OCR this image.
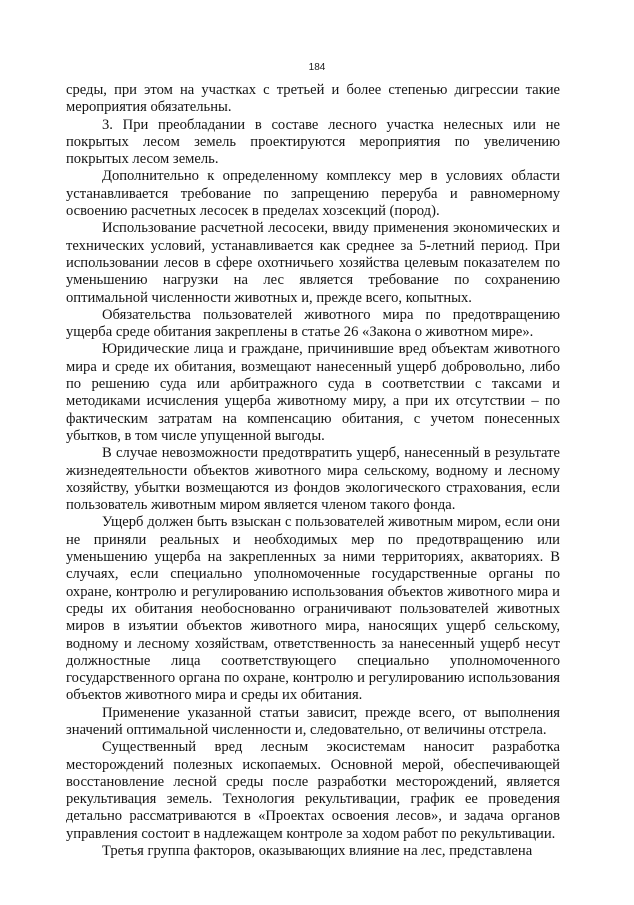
184

среды, при этом на участках с третьей и более степенью дигрессии такие мероприятия обязательны.

3. При преобладании в составе лесного участка нелесных или не покрытых лесом земель проектируются мероприятия по увеличению покрытых лесом земель.

Дополнительно к определенному комплексу мер в условиях области устанавливается требование по запрещению переруба и равномерному освоению расчетных лесосек в пределах хозсекций (пород).

Использование расчетной лесосеки, ввиду применения экономических и технических условий, устанавливается как среднее за 5-летний период. При использовании лесов в сфере охотничьего хозяйства целевым показателем по уменьшению нагрузки на лес является требование по сохранению оптимальной численности животных и, прежде всего, копытных.

Обязательства пользователей животного мира по предотвращению ущерба среде обитания закреплены в статье 26 «Закона о животном мире».

Юридические лица и граждане, причинившие вред объектам животного мира и среде их обитания, возмещают нанесенный ущерб добровольно, либо по решению суда или арбитражного суда в соответствии с таксами и методиками исчисления ущерба животному миру, а при их отсутствии – по фактическим затратам на компенсацию обитания, с учетом понесенных убытков, в том числе упущенной выгоды.

В случае невозможности предотвратить ущерб, нанесенный в результате жизнедеятельности объектов животного мира сельскому, водному и лесному хозяйству, убытки возмещаются из фондов экологического страхования, если пользователь животным миром является членом такого фонда.

Ущерб должен быть взыскан с пользователей животным миром, если они не приняли реальных и необходимых мер по предотвращению или уменьшению ущерба на закрепленных за ними территориях, акваториях. В случаях, если специально уполномоченные государственные органы по охране, контролю и регулированию использования объектов животного мира и среды их обитания необоснованно ограничивают пользователей животных миров в изъятии объектов животного мира, наносящих ущерб сельскому, водному и лесному хозяйствам, ответственность за нанесенный ущерб несут должностные лица соответствующего специально уполномоченного государственного органа по охране, контролю и регулированию использования объектов животного мира и среды их обитания.

Применение указанной статьи зависит, прежде всего, от выполнения значений оптимальной численности и, следовательно, от величины отстрела.

Существенный вред лесным экосистемам наносит разработка месторождений полезных ископаемых. Основной мерой, обеспечивающей восстановление лесной среды после разработки месторождений, является рекультивация земель. Технология рекультивации, график ее проведения детально рассматриваются в «Проектах освоения лесов», и задача органов управления состоит в надлежащем контроле за ходом работ по рекультивации.

Третья группа факторов, оказывающих влияние на лес, представлена
